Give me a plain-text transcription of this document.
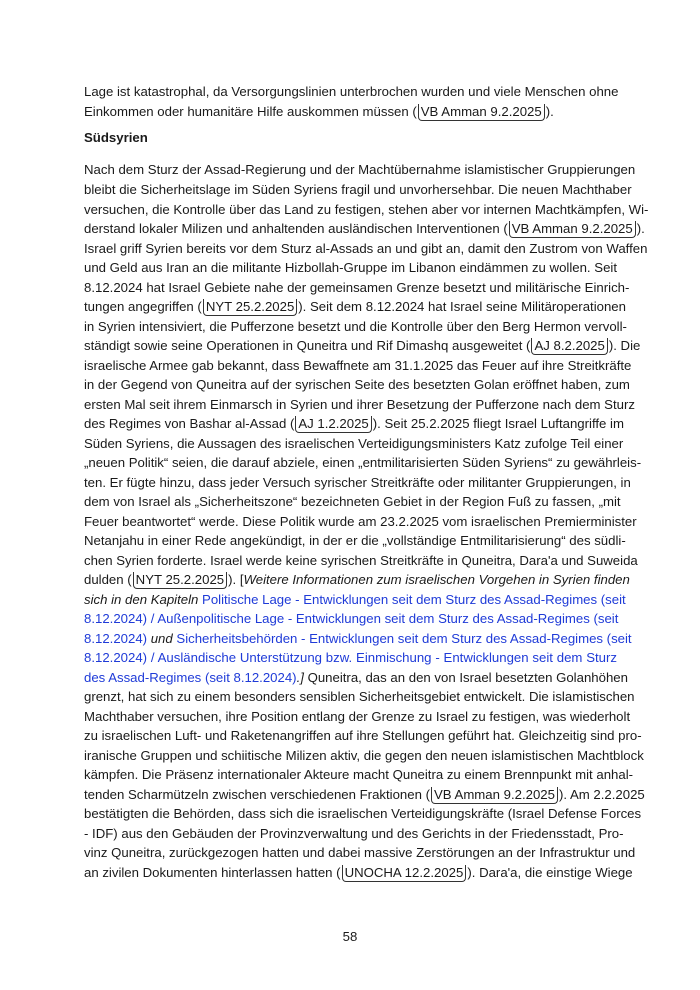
Lage ist katastrophal, da Versorgungslinien unterbrochen wurden und viele Menschen ohne
Einkommen oder humanitäre Hilfe auskommen müssen ( VB Amman 9.2.2025 ).
Südsyrien
Nach dem Sturz der Assad-Regierung und der Machtübernahme islamistischer Gruppierungen
bleibt die Sicherheitslage im Süden Syriens fragil und unvorhersehbar. Die neuen Machthaber
versuchen, die Kontrolle über das Land zu festigen, stehen aber vor internen Machtkämpfen, Wi-
derstand lokaler Milizen und anhaltenden ausländischen Interventionen ( VB Amman 9.2.2025 ).
Israel griff Syrien bereits vor dem Sturz al-Assads an und gibt an, damit den Zustrom von Waffen
und Geld aus Iran an die militante Hizbollah-Gruppe im Libanon eindämmen zu wollen. Seit
8.12.2024 hat Israel Gebiete nahe der gemeinsamen Grenze besetzt und militärische Einrich-
tungen angegriffen ( NYT 25.2.2025 ). Seit dem 8.12.2024 hat Israel seine Militäroperationen
in Syrien intensiviert, die Pufferzone besetzt und die Kontrolle über den Berg Hermon vervoll-
ständigt sowie seine Operationen in Quneitra und Rif Dimashq ausgeweitet ( AJ 8.2.2025 ). Die
israelische Armee gab bekannt, dass Bewaffnete am 31.1.2025 das Feuer auf ihre Streitkräfte
in der Gegend von Quneitra auf der syrischen Seite des besetzten Golan eröffnet haben, zum
ersten Mal seit ihrem Einmarsch in Syrien und ihrer Besetzung der Pufferzone nach dem Sturz
des Regimes von Bashar al-Assad ( AJ 1.2.2025 ). Seit 25.2.2025 fliegt Israel Luftangriffe im
Süden Syriens, die Aussagen des israelischen Verteidigungsministers Katz zufolge Teil einer
„neuen Politik“ seien, die darauf abziele, einen „entmilitarisierten Süden Syriens“ zu gewährleis-
ten. Er fügte hinzu, dass jeder Versuch syrischer Streitkräfte oder militanter Gruppierungen, in
dem von Israel als „Sicherheitszone“ bezeichneten Gebiet in der Region Fuß zu fassen, „mit
Feuer beantwortet“ werde. Diese Politik wurde am 23.2.2025 vom israelischen Premierminister
Netanjahu in einer Rede angekündigt, in der er die „vollständige Entmilitarisierung“ des südli-
chen Syrien forderte. Israel werde keine syrischen Streitkräfte in Quneitra, Dara'a und Suweida
dulden ( NYT 25.2.2025 ). [Weitere Informationen zum israelischen Vorgehen in Syrien finden
sich in den Kapiteln Politische Lage - Entwicklungen seit dem Sturz des Assad-Regimes (seit
8.12.2024) / Außenpolitische Lage - Entwicklungen seit dem Sturz des Assad-Regimes (seit
8.12.2024) und Sicherheitsbehörden - Entwicklungen seit dem Sturz des Assad-Regimes (seit
8.12.2024) / Ausländische Unterstützung bzw. Einmischung - Entwicklungen seit dem Sturz
des Assad-Regimes (seit 8.12.2024).] Quneitra, das an den von Israel besetzten Golanhöhen
grenzt, hat sich zu einem besonders sensiblen Sicherheitsgebiet entwickelt. Die islamistischen
Machthaber versuchen, ihre Position entlang der Grenze zu Israel zu festigen, was wiederholt
zu israelischen Luft- und Raketenangriffen auf ihre Stellungen geführt hat. Gleichzeitig sind pro-
iranische Gruppen und schiitische Milizen aktiv, die gegen den neuen islamistischen Machtblock
kämpfen. Die Präsenz internationaler Akteure macht Quneitra zu einem Brennpunkt mit anhal-
tenden Scharmützeln zwischen verschiedenen Fraktionen ( VB Amman 9.2.2025 ). Am 2.2.2025
bestätigten die Behörden, dass sich die israelischen Verteidigungskräfte (Israel Defense Forces
- IDF) aus den Gebäuden der Provinzverwaltung und des Gerichts in der Friedensstadt, Pro-
vinz Quneitra, zurückgezogen hatten und dabei massive Zerstörungen an der Infrastruktur und
an zivilen Dokumenten hinterlassen hatten ( UNOCHA 12.2.2025 ). Dara'a, die einstige Wiege
58
